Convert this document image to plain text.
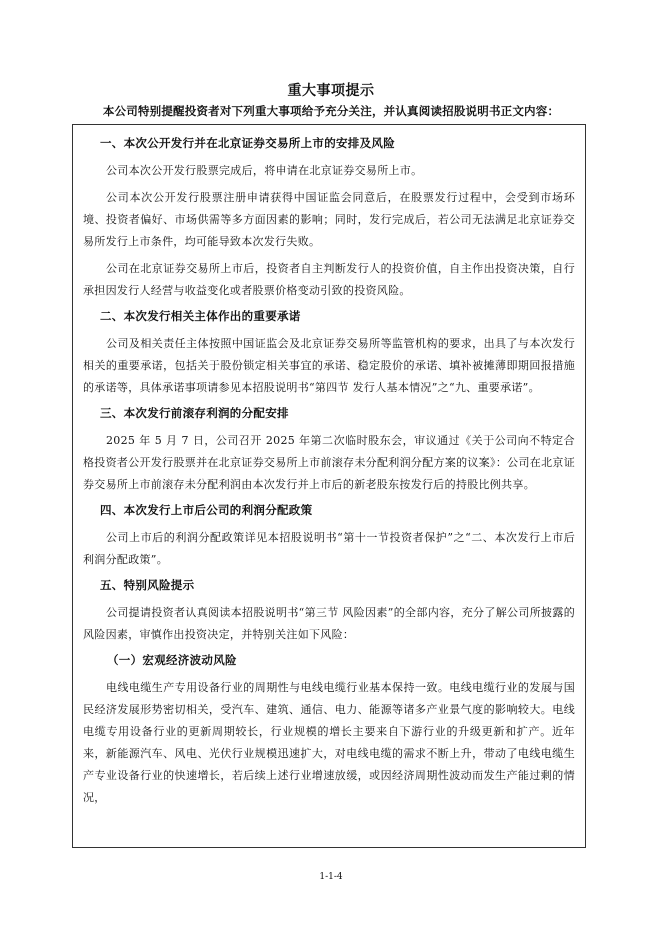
重大事项提示
本公司特别提醒投资者对下列重大事项给予充分关注，并认真阅读招股说明书正文内容：
一、本次公开发行并在北京证券交易所上市的安排及风险
公司本次公开发行股票完成后，将申请在北京证券交易所上市。
公司本次公开发行股票注册申请获得中国证监会同意后，在股票发行过程中，会受到市场环境、投资者偏好、市场供需等多方面因素的影响；同时，发行完成后，若公司无法满足北京证券交易所发行上市条件，均可能导致本次发行失败。
公司在北京证券交易所上市后，投资者自主判断发行人的投资价值，自主作出投资决策，自行承担因发行人经营与收益变化或者股票价格变动引致的投资风险。
二、本次发行相关主体作出的重要承诺
公司及相关责任主体按照中国证监会及北京证券交易所等监管机构的要求，出具了与本次发行相关的重要承诺，包括关于股份锁定相关事宜的承诺、稳定股价的承诺、填补被摊薄即期回报措施的承诺等，具体承诺事项请参见本招股说明书“第四节 发行人基本情况”之“九、重要承诺”。
三、本次发行前滚存利润的分配安排
2025 年 5 月 7 日，公司召开 2025 年第二次临时股东会，审议通过《关于公司向不特定合格投资者公开发行股票并在北京证券交易所上市前滚存未分配利润分配方案的议案》：公司在北京证券交易所上市前滚存未分配利润由本次发行并上市后的新老股东按发行后的持股比例共享。
四、本次发行上市后公司的利润分配政策
公司上市后的利润分配政策详见本招股说明书“第十一节投资者保护”之“二、本次发行上市后利润分配政策”。
五、特别风险提示
公司提请投资者认真阅读本招股说明书“第三节 风险因素”的全部内容，充分了解公司所披露的风险因素，审慎作出投资决定，并特别关注如下风险：
（一）宏观经济波动风险
电线电缆生产专用设备行业的周期性与电线电缆行业基本保持一致。电线电缆行业的发展与国民经济发展形势密切相关，受汽车、建筑、通信、电力、能源等诸多产业景气度的影响较大。电线电缆专用设备行业的更新周期较长，行业规模的增长主要来自下游行业的升级更新和扩产。近年来，新能源汽车、风电、光伏行业规模迅速扩大，对电线电缆的需求不断上升，带动了电线电缆生产专业设备行业的快速增长，若后续上述行业增速放缓，或因经济周期性波动而发生产能过剩的情况，
1-1-4
